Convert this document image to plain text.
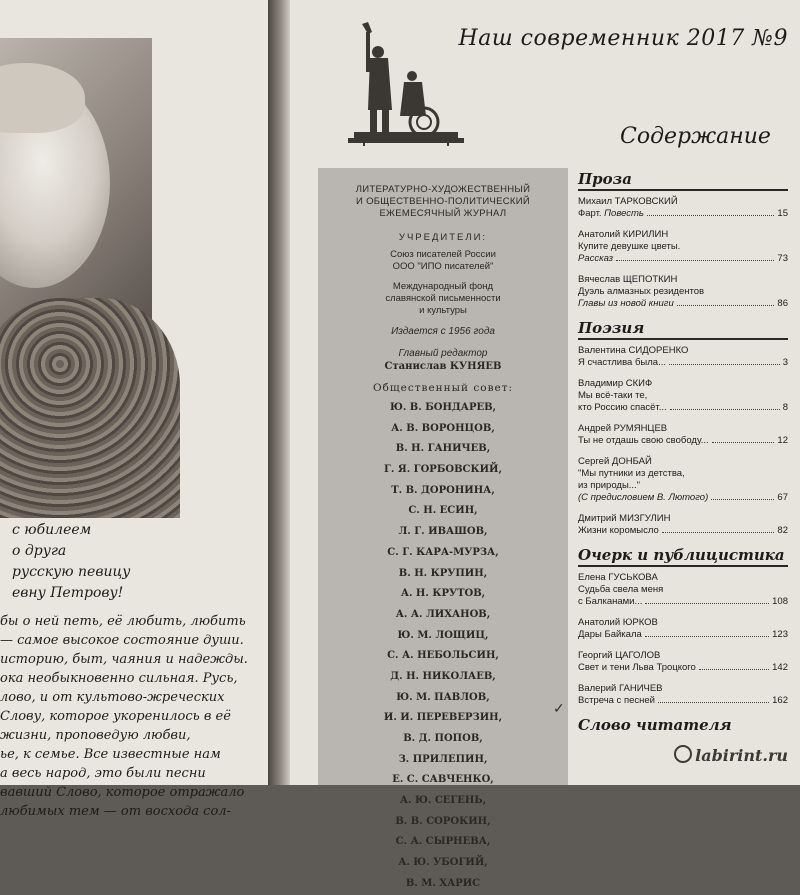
с юбилеем

о друга

русскую певицу

евну Петрову!

бы о ней петь, её любить, любить

— самое высокое состояние души.

историю, быт, чаяния и надежды.

ока необыкновенно сильная. Русь,

лово, и от культово-жреческих

Слову, которое укоренилось в её

жизни, проповедую любви,

ье, к семье. Все известные нам

а весь народ, это были песни

вавший Слово, которое отражало

любимых тем — от восхода сол-

Наш современник 2017 №9
Содержание
ЛИТЕРАТУРНО-ХУДОЖЕСТВЕННЫЙ
И ОБЩЕСТВЕННО-ПОЛИТИЧЕСКИЙ
ЕЖЕМЕСЯЧНЫЙ ЖУРНАЛ
УЧРЕДИТЕЛИ:
Союз писателей России
ООО "ИПО писателей"
Международный фонд
славянской письменности
и культуры
Издается с 1956 года
Главный редактор
Станислав КУНЯЕВ
Общественный совет:
Ю. В. БОНДАРЕВ,
А. В. ВОРОНЦОВ,
В. Н. ГАНИЧЕВ,
Г. Я. ГОРБОВСКИЙ,
Т. В. ДОРОНИНА,
С. Н. ЕСИН,
Л. Г. ИВАШОВ,
С. Г. КАРА-МУРЗА,
В. Н. КРУПИН,
А. Н. КРУТОВ,
А. А. ЛИХАНОВ,
Ю. М. ЛОЩИЦ,
С. А. НЕБОЛЬСИН,
Д. Н. НИКОЛАЕВ,
Ю. М. ПАВЛОВ,
И. И. ПЕРЕВЕРЗИН,
В. Д. ПОПОВ,
З. ПРИЛЕПИН,
Е. С. САВЧЕНКО,
А. Ю. СЕГЕНЬ,
В. В. СОРОКИН,
С. А. СЫРНЕВА,
А. Ю. УБОГИЙ,
В. М. ХАРИС
Проза
Михаил ТАРКОВСКИЙ
Фарт. Повесть	15
Анатолий КИРИЛИН
Купите девушке цветы.
Рассказ	73
Вячеслав ЩЕПОТКИН
Дуэль алмазных резидентов
Главы из новой книги	86
Поэзия
Валентина СИДОРЕНКО
Я счастлива была...	3
Владимир СКИФ
Мы всё-таки те,
кто Россию спасёт...	8
Андрей РУМЯНЦЕВ
Ты не отдашь свою свободу...	12
Сергей ДОНБАЙ
"Мы путники из детства,
из природы..."
(С предисловием В. Лютого)	67
Дмитрий МИЗГУЛИН
Жизни коромысло	82
Очерк и публицистика
Елена ГУСЬКОВА
Судьба свела меня
с Балканами...	108
Анатолий ЮРКОВ
Дары Байкала	123
Георгий ЦАГОЛОВ
Свет и тени Льва Троцкого	142
Валерий ГАНИЧЕВ
Встреча с песней	162
Слово читателя
✓
labirint.ru
